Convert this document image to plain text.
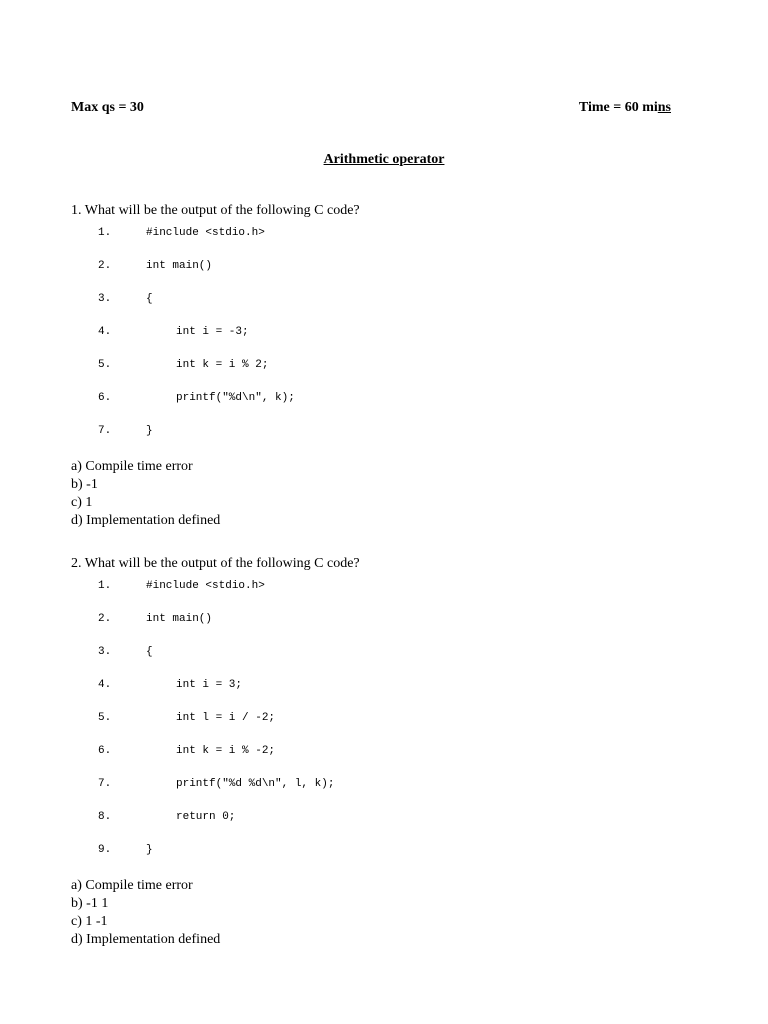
Max qs = 30	Time = 60 mins
Arithmetic operator
1. What will be the output of the following C code?
1.	#include <stdio.h>
2.	int main()
3.	{
4.	int i = -3;
5.	int k = i % 2;
6.	printf("%d\n", k);
7.	}
a) Compile time error
b) -1
c) 1
d) Implementation defined
2. What will be the output of the following C code?
1.	#include <stdio.h>
2.	int main()
3.	{
4.	int i = 3;
5.	int l = i / -2;
6.	int k = i % -2;
7.	printf("%d %d\n", l, k);
8.	return 0;
9.	}
a) Compile time error
b) -1 1
c) 1 -1
d) Implementation defined
